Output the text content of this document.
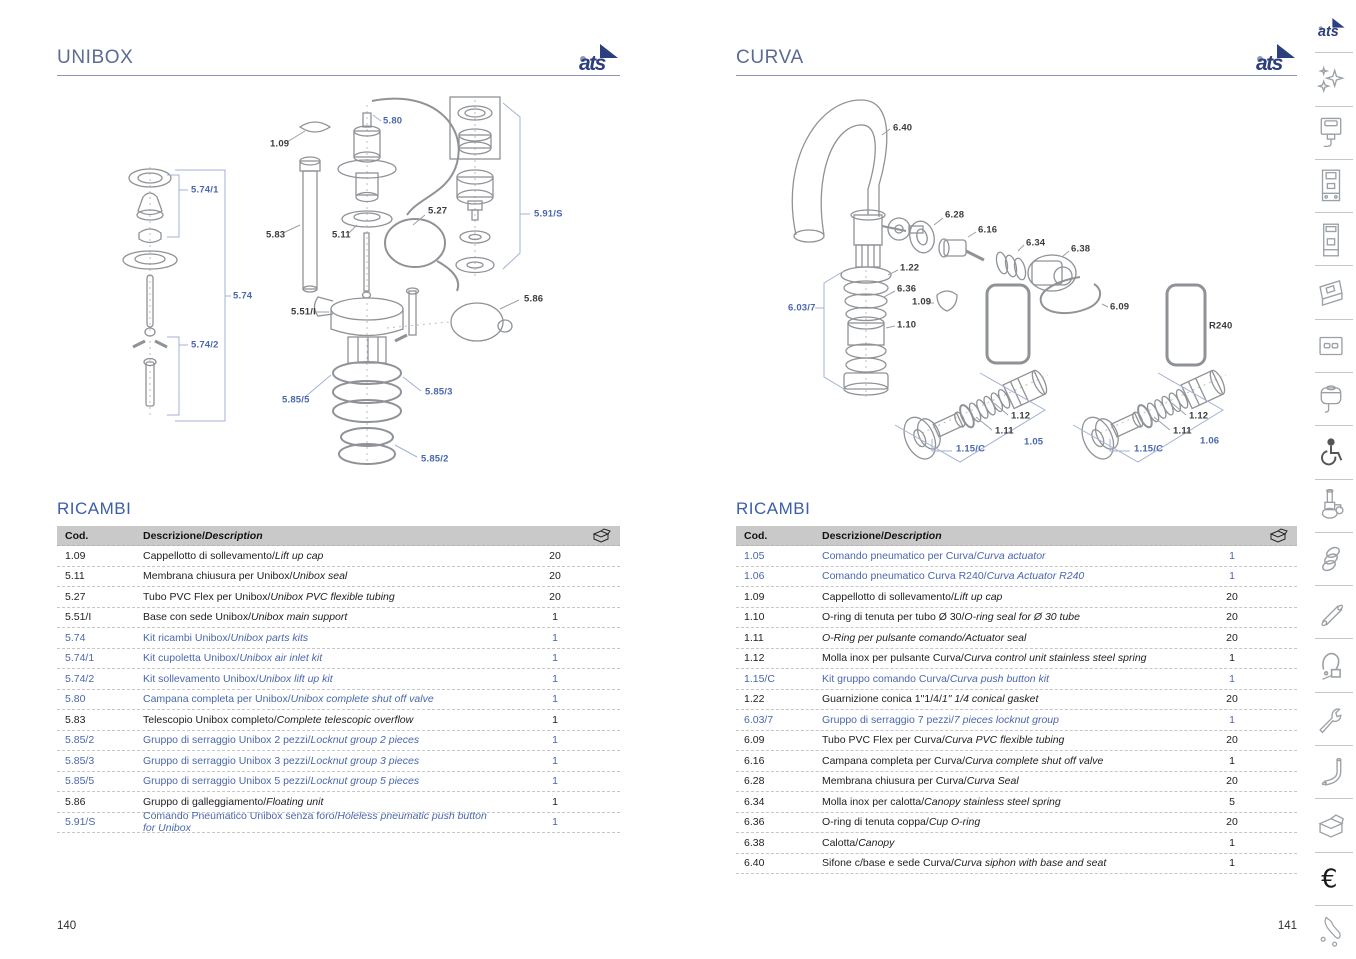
UNIBOX	ats
5.80
1.09
5.74/1
5.27
5.83	5.11
5.91/S
5.74
5.51/I
5.86
5.74/2
5.85/5
5.85/3
5.85/2
RICAMBI
Cod.	Descrizione/Description
1.09	Cappellotto di sollevamento/Lift up cap	20
5.11	Membrana chiusura per Unibox/Unibox seal	20
5.27	Tubo PVC Flex per Unibox/Unibox PVC flexible tubing	20
5.51/I	Base con sede Unibox/Unibox main support	1
5.74	Kit ricambi Unibox/Unibox parts kits	1
5.74/1	Kit cupoletta Unibox/Unibox air inlet kit	1
5.74/2	Kit sollevamento Unibox/Unibox lift up kit	1
5.80	Campana completa per Unibox/Unibox complete shut off valve	1
5.83	Telescopio Unibox completo/Complete telescopic overflow	1
5.85/2	Gruppo di serraggio Unibox 2 pezzi/Locknut group 2 pieces	1
5.85/3	Gruppo di serraggio Unibox 3 pezzi/Locknut group 3 pieces	1
5.85/5	Gruppo di serraggio Unibox 5 pezzi/Locknut group 5 pieces	1
5.86	Gruppo di galleggiamento/Floating unit	1
5.91/S	Comando Pneumatico Unibox senza foro/Holeless pneumatic push button for Unibox	1
140
CURVA	ats
6.40
6.28
6.16
6.34
6.38
1.22
6.36
1.09
6.03/7	6.09
1.10	R240
1.12
1.11
1.05
1.15/C
1.12
1.11
1.06
1.15/C
RICAMBI
Cod.	Descrizione/Description
1.05	Comando pneumatico per Curva/Curva actuator	1
1.06	Comando pneumatico Curva R240/Curva Actuator R240	1
1.09	Cappellotto di sollevamento/Lift up cap	20
1.10	O-ring di tenuta per tubo Ø 30/O-ring seal for Ø 30 tube	20
1.11	O-Ring per pulsante comando/Actuator seal	20
1.12	Molla inox per pulsante Curva/Curva control unit stainless steel spring	1
1.15/C	Kit gruppo comando Curva/Curva push button kit	1
1.22	Guarnizione conica 1"1/4/1" 1/4 conical gasket	20
6.03/7	Gruppo di serraggio 7 pezzi/7 pieces locknut group	1
6.09	Tubo PVC Flex per Curva/Curva PVC flexible tubing	20
6.16	Campana completa per Curva/Curva complete shut off valve	1
6.28	Membrana chiusura per Curva/Curva Seal	20
6.34	Molla inox per calotta/Canopy stainless steel spring	5
6.36	O-ring di tenuta coppa/Cup O-ring	20
6.38	Calotta/Canopy	1
6.40	Sifone c/base e sede Curva/Curva siphon with base and seat	1
141
ats
€
